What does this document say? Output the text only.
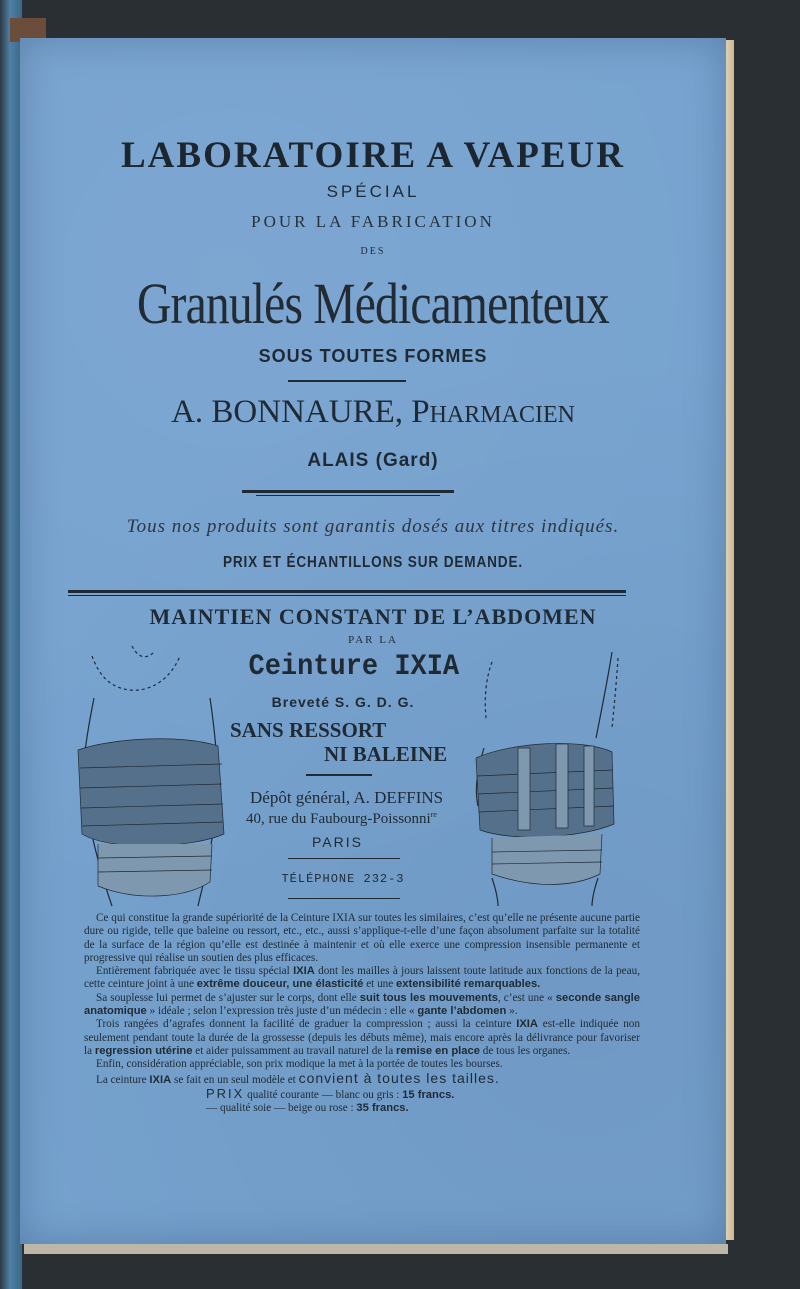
LABORATOIRE A VAPEUR
SPÉCIAL
POUR LA FABRICATION
DES
Granulés Médicamenteux
SOUS TOUTES FORMES
A. BONNAURE, PHARMACIEN
ALAIS (Gard)
Tous nos produits sont garantis dosés aux titres indiqués.
PRIX ET ÉCHANTILLONS SUR DEMANDE.
MAINTIEN CONSTANT DE L’ABDOMEN
PAR LA
Ceinture IXIA
Breveté S. G. D. G.
SANS RESSORT
NI BALEINE
Dépôt général, A. DEFFINS
40, rue du Faubourg-Poissonni$^{re}$
PARIS
TÉLÉPHONE 232-3

Ce qui constitue la grande supériorité de la Ceinture IXIA sur toutes les similaires, c’est qu’elle ne présente aucune partie dure ou rigide, telle que baleine ou ressort, etc., etc., aussi s’applique-t-elle d’une façon absolument parfaite sur la totalité de la surface de la région qu’elle est destinée à maintenir et où elle exerce une compression insensible permanente et progressive qui réalise un soutien des plus efficaces.

Entièrement fabriquée avec le tissu spécial IXIA dont les mailles à jours laissent toute latitude aux fonctions de la peau, cette ceinture joint à une extrême douceur, une élasticité et une extensibilité remarquables.

Sa souplesse lui permet de s’ajuster sur le corps, dont elle suit tous les mouvements, c’est une « seconde sangle anatomique » idéale ; selon l’expression très juste d’un médecin : elle « gante l’abdomen ».

Trois rangées d’agrafes donnent la facilité de graduer la compression ; aussi la ceinture IXIA est-elle indiquée non seulement pendant toute la durée de la grossesse (depuis les débuts même), mais encore après la délivrance pour favoriser la regression utérine et aider puissamment au travail naturel de la remise en place de tous les organes.

Enfin, considération appréciable, son prix modique la met à la portée de toutes les bourses.

La ceinture IXIA se fait en un seul modèle et convient à toutes les tailles.

PRIX qualité courante — blanc ou gris : 15 francs.

— qualité soie — beige ou rose : 35 francs.
